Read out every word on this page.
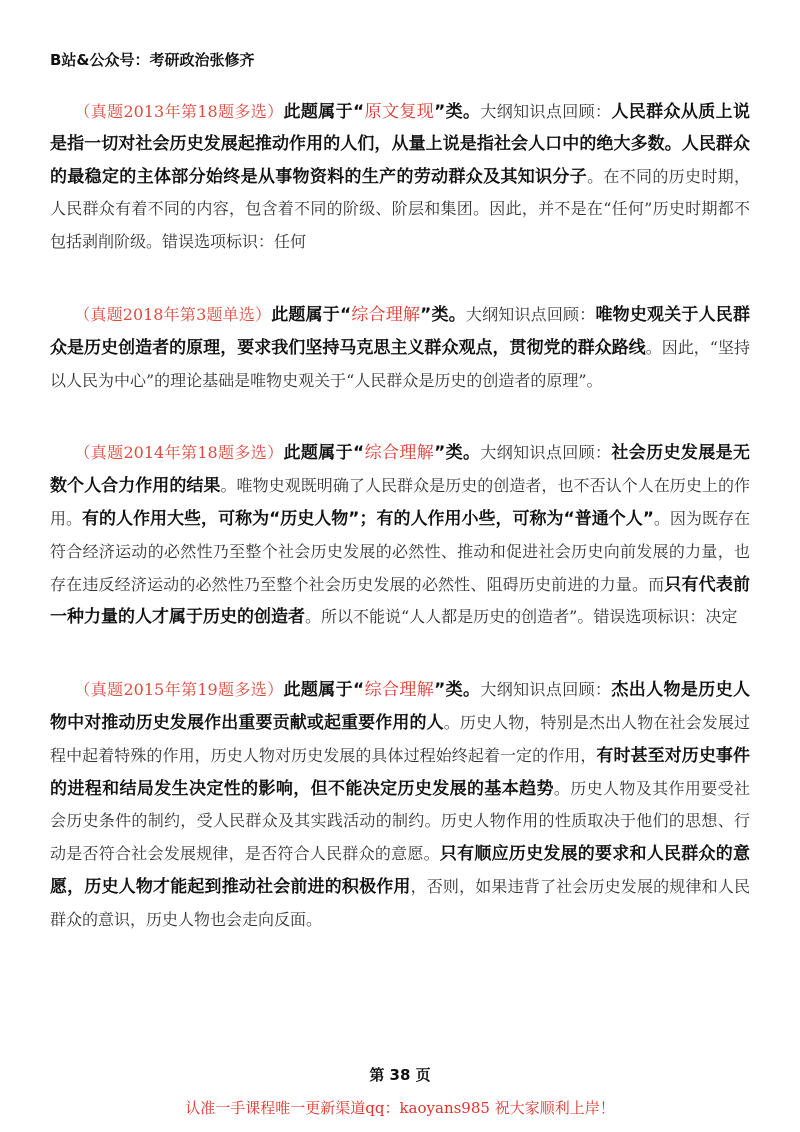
B站&公众号：考研政治张修齐

（真题2013年第18题多选）此题属于“原文复现”类。大纲知识点回顾：人民群众从质上说是指一切对社会历史发展起推动作用的人们，从量上说是指社会人口中的绝大多数。人民群众的最稳定的主体部分始终是从事物资料的生产的劳动群众及其知识分子。在不同的历史时期，人民群众有着不同的内容，包含着不同的阶级、阶层和集团。因此，并不是在“任何”历史时期都不包括剥削阶级。错误选项标识：任何

（真题2018年第3题单选）此题属于“综合理解”类。大纲知识点回顾：唯物史观关于人民群众是历史创造者的原理，要求我们坚持马克思主义群众观点，贯彻党的群众路线。因此，“坚持以人民为中心”的理论基础是唯物史观关于“人民群众是历史的创造者的原理”。

（真题2014年第18题多选）此题属于“综合理解”类。大纲知识点回顾：社会历史发展是无数个人合力作用的结果。唯物史观既明确了人民群众是历史的创造者，也不否认个人在历史上的作用。有的人作用大些，可称为“历史人物”；有的人作用小些，可称为“普通个人”。因为既存在符合经济运动的必然性乃至整个社会历史发展的必然性、推动和促进社会历史向前发展的力量，也存在违反经济运动的必然性乃至整个社会历史发展的必然性、阻碍历史前进的力量。而只有代表前一种力量的人才属于历史的创造者。所以不能说“人人都是历史的创造者”。错误选项标识：决定

（真题2015年第19题多选）此题属于“综合理解”类。大纲知识点回顾：杰出人物是历史人物中对推动历史发展作出重要贡献或起重要作用的人。历史人物，特别是杰出人物在社会发展过程中起着特殊的作用，历史人物对历史发展的具体过程始终起着一定的作用，有时甚至对历史事件的进程和结局发生决定性的影响，但不能决定历史发展的基本趋势。历史人物及其作用要受社会历史条件的制约，受人民群众及其实践活动的制约。历史人物作用的性质取决于他们的思想、行动是否符合社会发展规律，是否符合人民群众的意愿。只有顺应历史发展的要求和人民群众的意愿，历史人物才能起到推动社会前进的积极作用，否则，如果违背了社会历史发展的规律和人民群众的意识，历史人物也会走向反面。

第 38 页
认准一手课程唯一更新渠道qq：kaoyans985 祝大家顺利上岸！
